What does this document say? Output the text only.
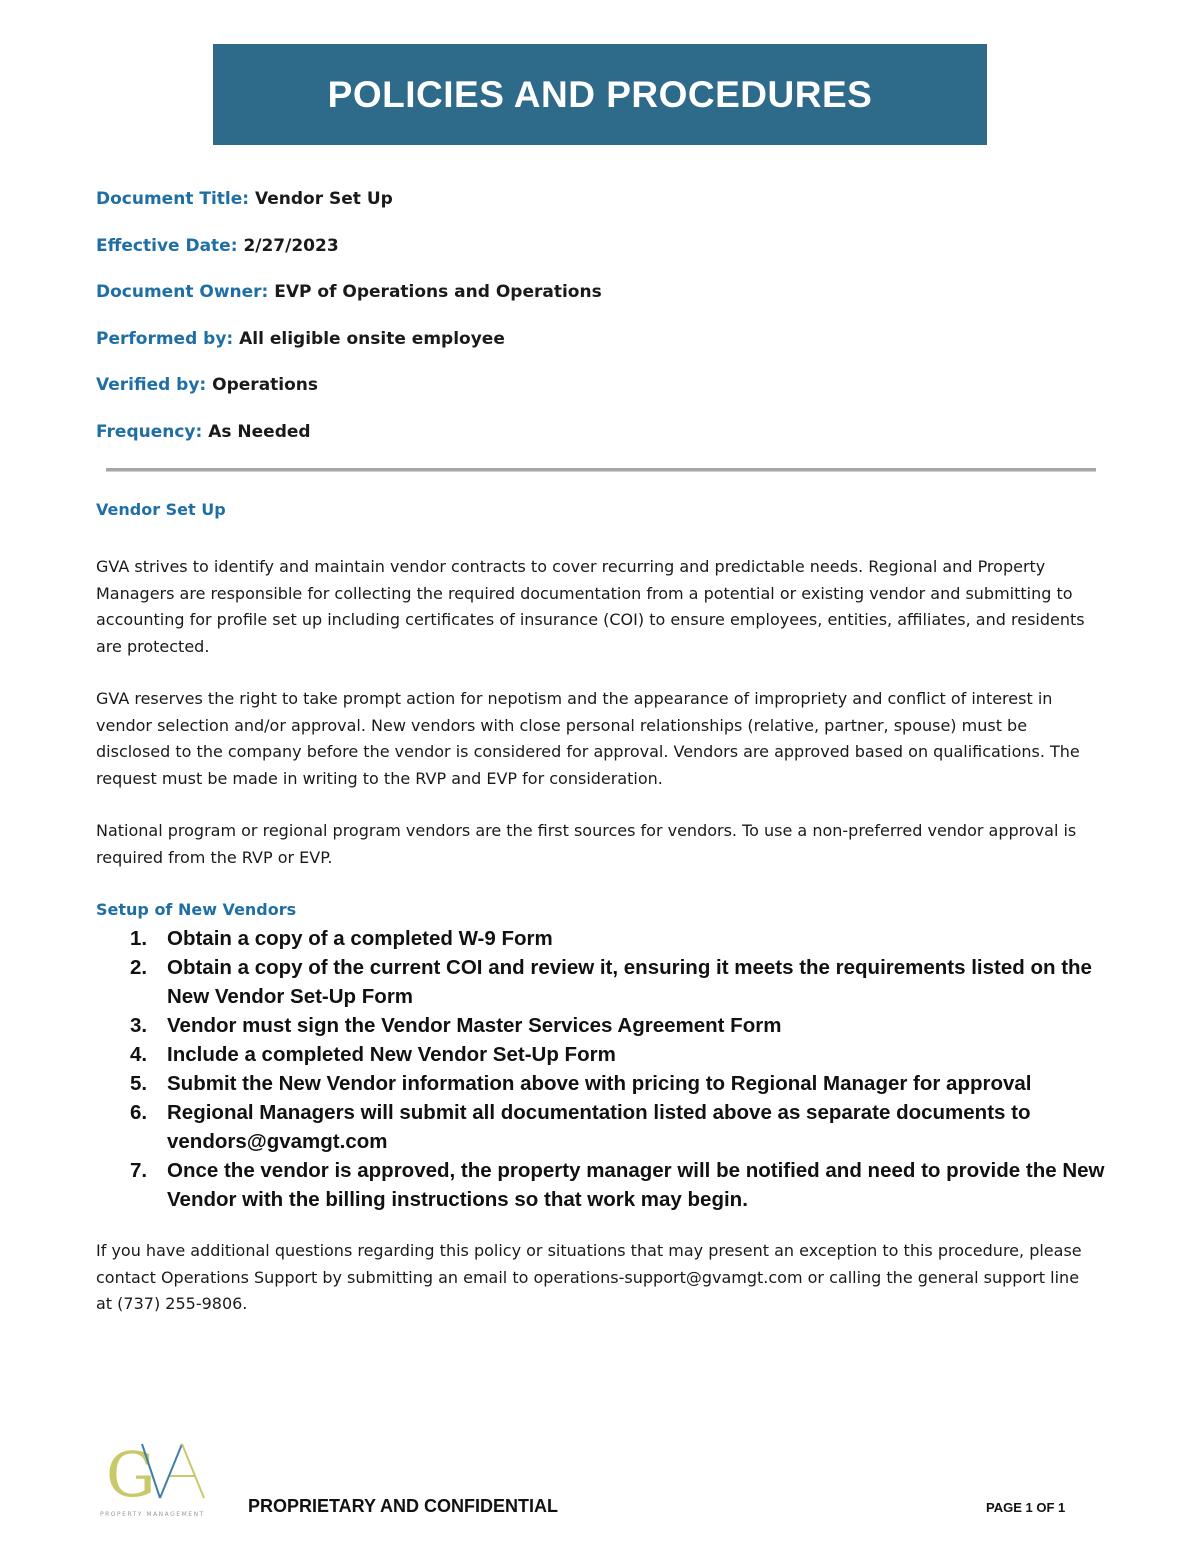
POLICIES AND PROCEDURES
Document Title: Vendor Set Up
Effective Date: 2/27/2023
Document Owner: EVP of Operations and Operations
Performed by: All eligible onsite employee
Verified by: Operations
Frequency: As Needed
Vendor Set Up
GVA strives to identify and maintain vendor contracts to cover recurring and predictable needs. Regional and Property Managers are responsible for collecting the required documentation from a potential or existing vendor and submitting to accounting for profile set up including certificates of insurance (COI) to ensure employees, entities, affiliates, and residents are protected.
GVA reserves the right to take prompt action for nepotism and the appearance of impropriety and conflict of interest in vendor selection and/or approval. New vendors with close personal relationships (relative, partner, spouse) must be disclosed to the company before the vendor is considered for approval. Vendors are approved based on qualifications. The request must be made in writing to the RVP and EVP for consideration.
National program or regional program vendors are the first sources for vendors. To use a non-preferred vendor approval is required from the RVP or EVP.
Setup of New Vendors
1. Obtain a copy of a completed W-9 Form
2. Obtain a copy of the current COI and review it, ensuring it meets the requirements listed on the New Vendor Set-Up Form
3. Vendor must sign the Vendor Master Services Agreement Form
4. Include a completed New Vendor Set-Up Form
5. Submit the New Vendor information above with pricing to Regional Manager for approval
6. Regional Managers will submit all documentation listed above as separate documents to vendors@gvamgt.com
7. Once the vendor is approved, the property manager will be notified and need to provide the New Vendor with the billing instructions so that work may begin.
If you have additional questions regarding this policy or situations that may present an exception to this procedure, please contact Operations Support by submitting an email to operations-support@gvamgt.com or calling the general support line at (737) 255-9806.
G
PROPERTY MANAGEMENT PROPRIETARY AND CONFIDENTIAL	PAGE 1 OF 1
